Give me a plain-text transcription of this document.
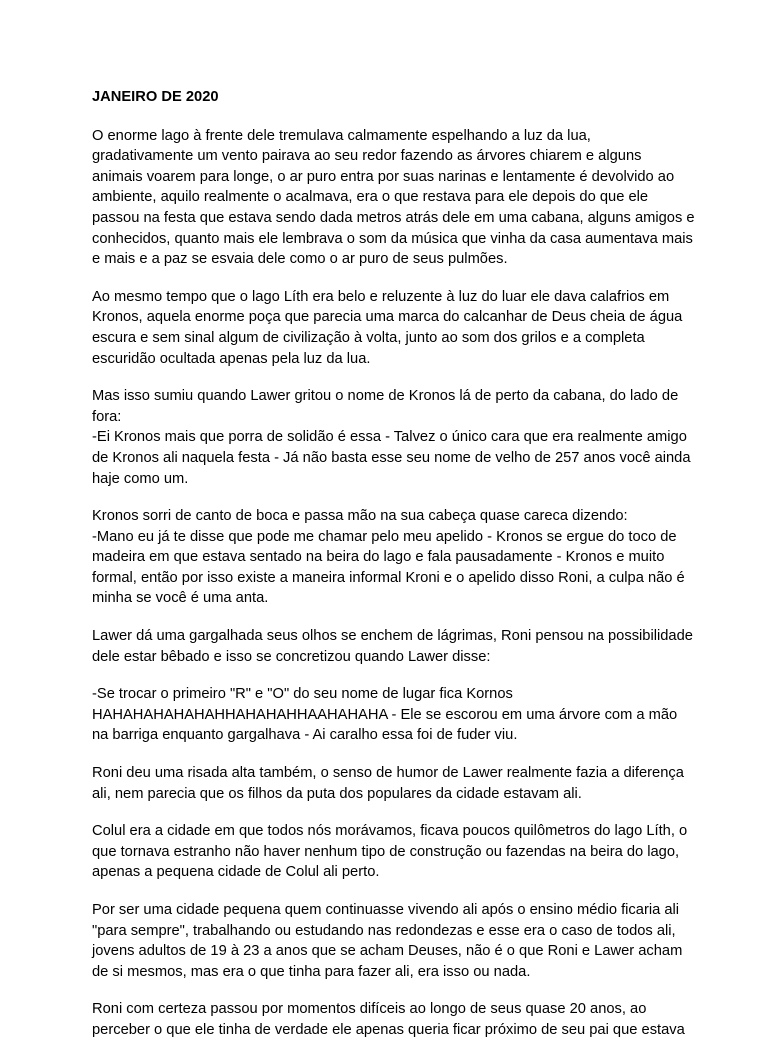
JANEIRO DE 2020
O enorme lago à frente dele tremulava calmamente espelhando a luz da lua,
gradativamente um vento pairava ao seu redor fazendo as árvores chiarem e alguns
animais voarem para longe, o ar puro entra por suas narinas e lentamente é devolvido ao
ambiente, aquilo realmente o acalmava, era o que restava para ele depois do que ele
passou na festa que estava sendo dada metros atrás dele em uma cabana, alguns amigos e
conhecidos, quanto mais ele lembrava o som da música que vinha da casa aumentava mais
e mais e a paz se esvaia dele como o ar puro de seus pulmões.
Ao mesmo tempo que o lago Líth era belo e reluzente à luz do luar ele dava calafrios em
Kronos, aquela enorme poça que parecia uma marca do calcanhar de Deus cheia de água
escura e sem sinal algum de civilização à volta, junto ao som dos grilos e a completa
escuridão ocultada apenas pela luz da lua.
Mas isso sumiu quando Lawer gritou o nome de Kronos lá de perto da cabana, do lado de
fora:
-Ei Kronos mais que porra de solidão é essa - Talvez o único cara que era realmente amigo
de Kronos ali naquela festa - Já não basta esse seu nome de velho de 257 anos você ainda
haje como um.
Kronos sorri de canto de boca e passa mão na sua cabeça quase careca dizendo:
-Mano eu já te disse que pode me chamar pelo meu apelido - Kronos se ergue do toco de
madeira em que estava sentado na beira do lago e fala pausadamente - Kronos e muito
formal, então por isso existe a maneira informal Kroni e o apelido disso Roni, a culpa não é
minha se você é uma anta.
Lawer dá uma gargalhada seus olhos se enchem de lágrimas, Roni pensou na possibilidade
dele estar bêbado e isso se concretizou quando Lawer disse:
-Se trocar o primeiro "R" e "O" do seu nome de lugar fica Kornos
HAHAHAHAHAHAHHAHAHAHHAAHAHAHA - Ele se escorou em uma árvore com a mão
na barriga enquanto gargalhava - Ai caralho essa foi de fuder viu.
Roni deu uma risada alta também, o senso de humor de Lawer realmente fazia a diferença
ali, nem parecia que os filhos da puta dos populares da cidade estavam ali.
Colul era a cidade em que todos nós morávamos, ficava poucos quilômetros do lago Líth, o
que tornava estranho não haver nenhum tipo de construção ou fazendas na beira do lago,
apenas a pequena cidade de Colul ali perto.
Por ser uma cidade pequena quem continuasse vivendo ali após o ensino médio ficaria ali
"para sempre", trabalhando ou estudando nas redondezas e esse era o caso de todos ali,
jovens adultos de 19 à 23 a anos que se acham Deuses, não é o que Roni e Lawer acham
de si mesmos, mas era o que tinha para fazer ali, era isso ou nada.
Roni com certeza passou por momentos difíceis ao longo de seus quase 20 anos, ao
perceber o que ele tinha de verdade ele apenas queria ficar próximo de seu pai que estava
